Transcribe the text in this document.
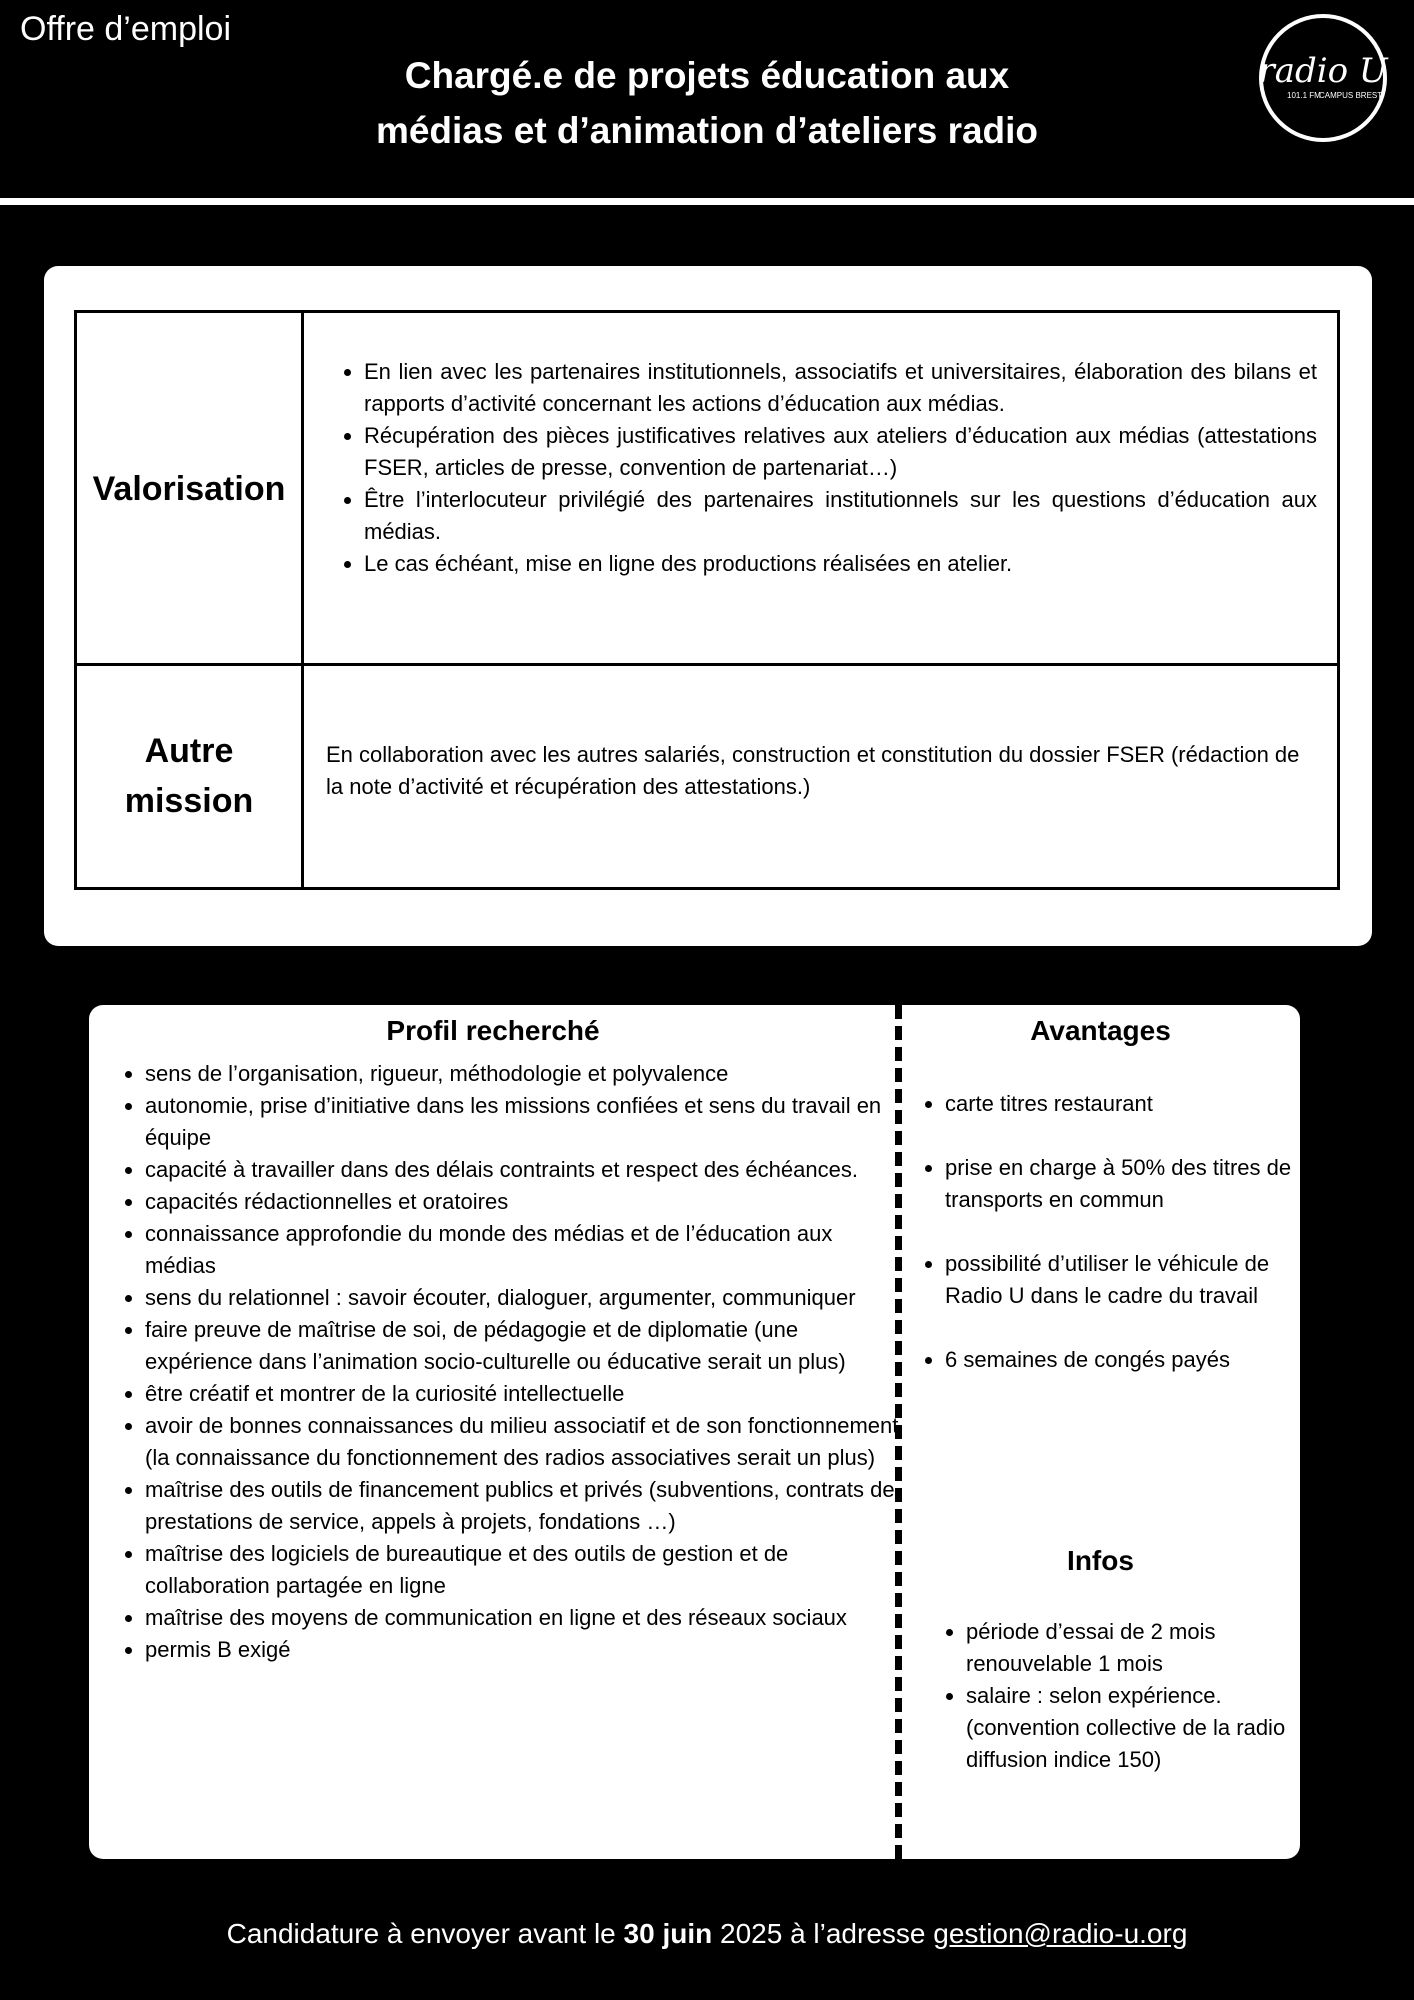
Offre d’emploi
Chargé.e de projets éducation aux
médias et d’animation d’ateliers radio
radio U
101.1 FM
CAMPUS BREST
Valorisation
• En lien avec les partenaires institutionnels, associatifs et universitaires, élaboration des bilans et rapports d’activité concernant les actions d’éducation aux médias.
• Récupération des pièces justificatives relatives aux ateliers d’éducation aux médias (attestations FSER, articles de presse, convention de partenariat…)
• Être l’interlocuteur privilégié des partenaires institutionnels sur les questions d’éducation aux médias.
• Le cas échéant, mise en ligne des productions réalisées en atelier.
Autre
mission
En collaboration avec les autres salariés, construction et constitution du dossier FSER (rédaction de la note d’activité et récupération des attestations.)
Profil recherché
• sens de l’organisation, rigueur, méthodologie et polyvalence
• autonomie, prise d’initiative dans les missions confiées et sens du travail en équipe
• capacité à travailler dans des délais contraints et respect des échéances.
• capacités rédactionnelles et oratoires
• connaissance approfondie du monde des médias et de l’éducation aux médias
• sens du relationnel : savoir écouter, dialoguer, argumenter, communiquer
• faire preuve de maîtrise de soi, de pédagogie et de diplomatie (une expérience dans l’animation socio-culturelle ou éducative serait un plus)
• être créatif et montrer de la curiosité intellectuelle
• avoir de bonnes connaissances du milieu associatif et de son fonctionnement (la connaissance du fonctionnement des radios associatives serait un plus)
• maîtrise des outils de financement publics et privés (subventions, contrats de prestations de service, appels à projets, fondations …)
• maîtrise des logiciels de bureautique et des outils de gestion et de collaboration partagée en ligne
• maîtrise des moyens de communication en ligne et des réseaux sociaux
• permis B exigé
Avantages
• carte titres restaurant
• prise en charge à 50% des titres de transports en commun
• possibilité d’utiliser le véhicule de Radio U dans le cadre du travail
• 6 semaines de congés payés
Infos
• période d’essai de 2 mois renouvelable 1 mois
• salaire : selon expérience. (convention collective de la radio diffusion indice 150)
Candidature à envoyer avant le 30 juin 2025 à l’adresse gestion@radio-u.org
